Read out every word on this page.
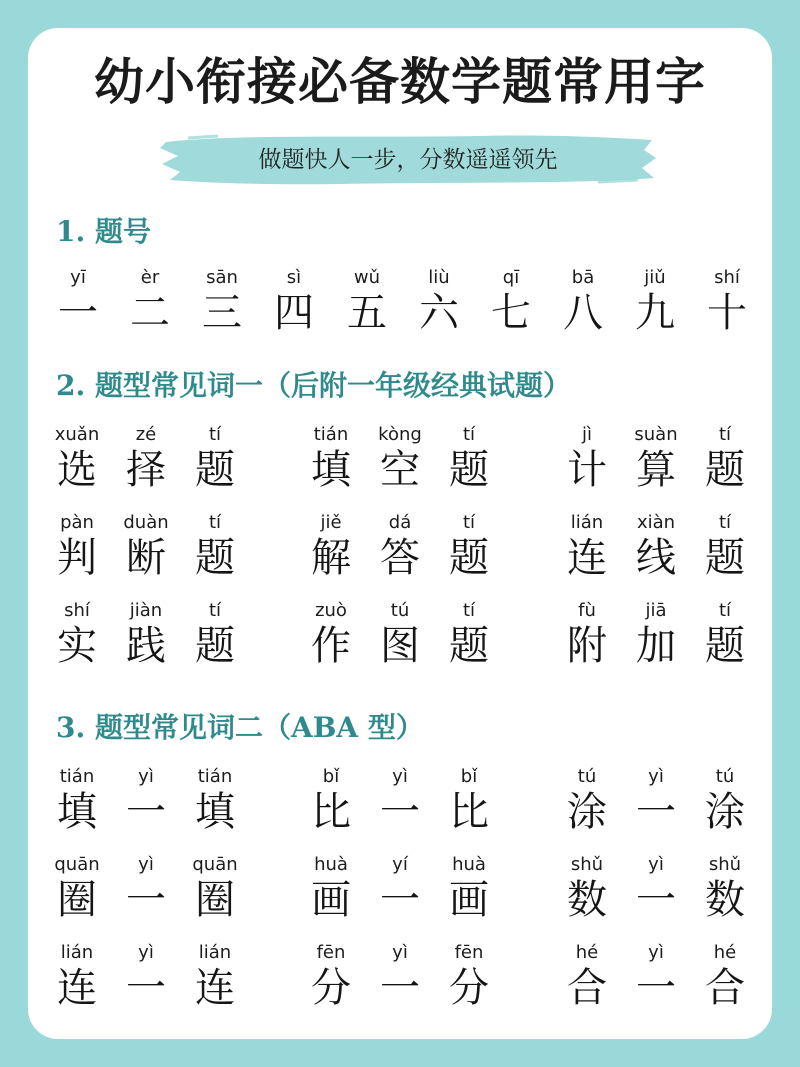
幼小衔接必备数学题常用字
做题快人一步，分数遥遥领先
1. 题号
2. 题型常见词一（后附一年级经典试题）
3. 题型常见词二（ABA 型）
yī
一
èr
二
sān
三
sì
四
wǔ
五
liù
六
qī
七
bā
八
jiǔ
九
shí
十
xuǎn
选
zé
择
tí
题
tián
填
kòng
空
tí
题
jì
计
suàn
算
tí
题
pàn
判
duàn
断
tí
题
jiě
解
dá
答
tí
题
lián
连
xiàn
线
tí
题
shí
实
jiàn
践
tí
题
zuò
作
tú
图
tí
题
fù
附
jiā
加
tí
题
tián
填
yì
一
tián
填
bǐ
比
yì
一
bǐ
比
tú
涂
yì
一
tú
涂
quān
圈
yì
一
quān
圈
huà
画
yí
一
huà
画
shǔ
数
yì
一
shǔ
数
lián
连
yì
一
lián
连
fēn
分
yì
一
fēn
分
hé
合
yì
一
hé
合
